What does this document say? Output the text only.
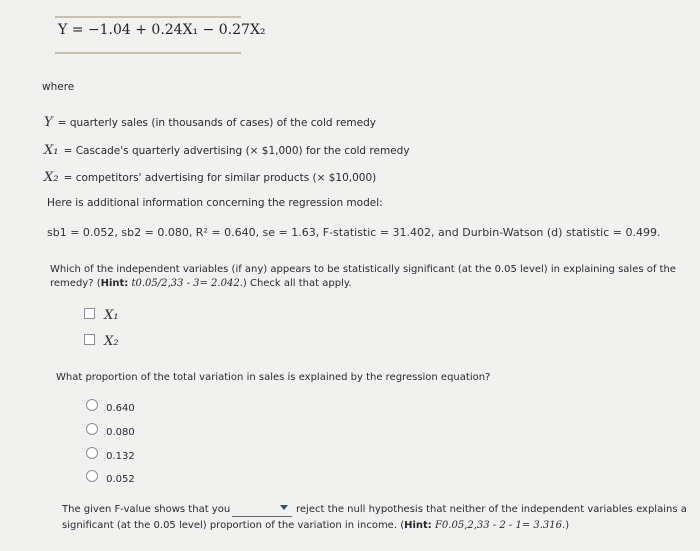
Y = −1.04 + 0.24X₁ − 0.27X₂
where
Y = quarterly sales (in thousands of cases) of the cold remedy
X₁ = Cascade's quarterly advertising (× $1,000) for the cold remedy
X₂ = competitors' advertising for similar products (× $10,000)
Here is additional information concerning the regression model:
sb1 = 0.052, sb2 = 0.080, R² = 0.640, se = 1.63, F-statistic = 31.402, and Durbin-Watson (d) statistic = 0.499.
Which of the independent variables (if any) appears to be statistically significant (at the 0.05 level) in explaining sales of the
remedy? (Hint: t0.05/2,33 - 3= 2.042.) Check all that apply.
X₁
X₂
What proportion of the total variation in sales is explained by the regression equation?
0.640
0.080
0.132
0.052
The given F-value shows that you	reject the null hypothesis that neither of the independent variables explains a
significant (at the 0.05 level) proportion of the variation in income. (Hint: F0.05,2,33 - 2 - 1= 3.316.)
